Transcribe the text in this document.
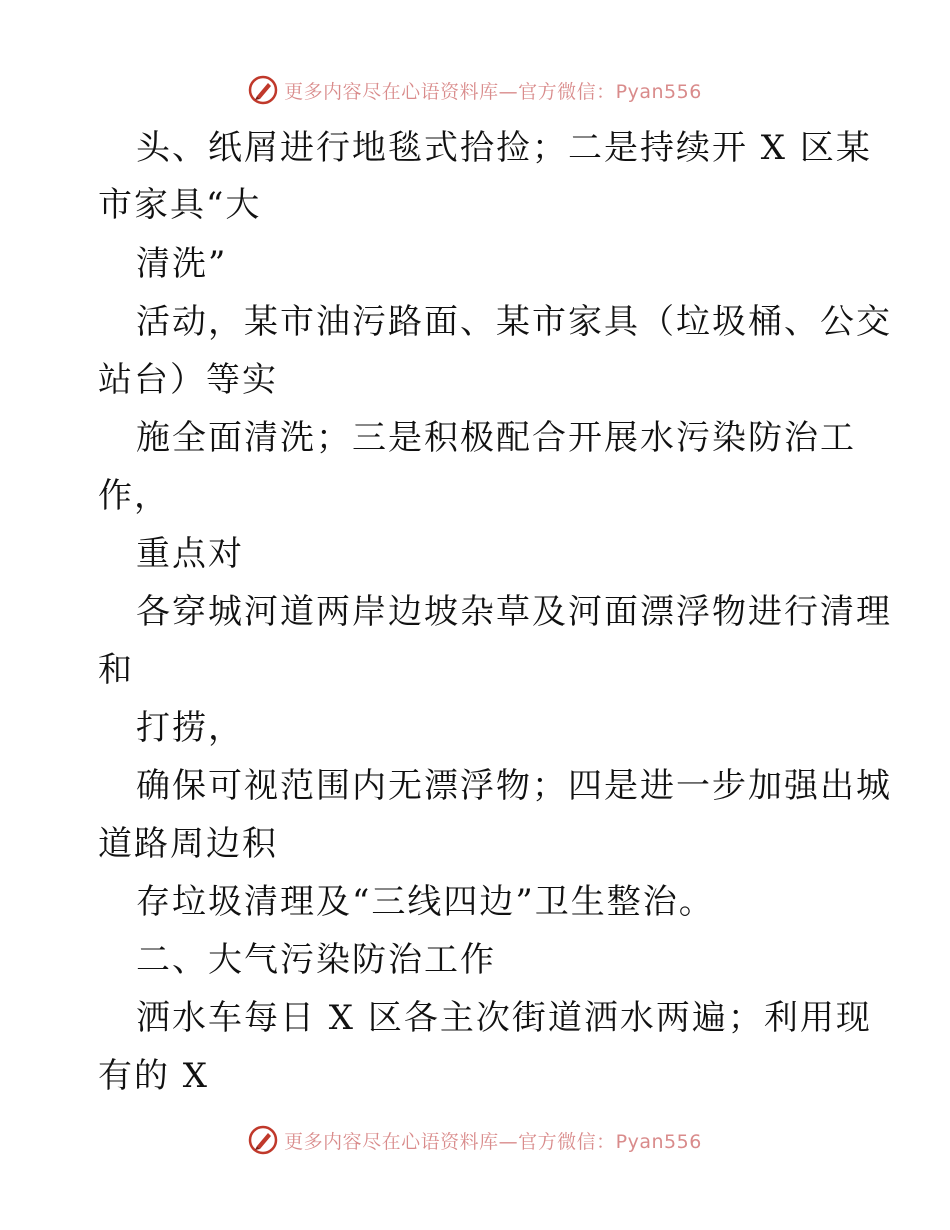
更多内容尽在心语资料库—官方微信：Pyan556
头、纸屑进行地毯式拾捡；二是持续开 X 区某
市家具“大
清洗”
活动，某市油污路面、某市家具（垃圾桶、公交
站台）等实
施全面清洗；三是积极配合开展水污染防治工
作，
重点对
各穿城河道两岸边坡杂草及河面漂浮物进行清理
和
打捞，
确保可视范围内无漂浮物；四是进一步加强出城
道路周边积
存垃圾清理及“三线四边”卫生整治。
二、大气污染防治工作
洒水车每日 X 区各主次街道洒水两遍；利用现
有的 X
更多内容尽在心语资料库—官方微信：Pyan556
